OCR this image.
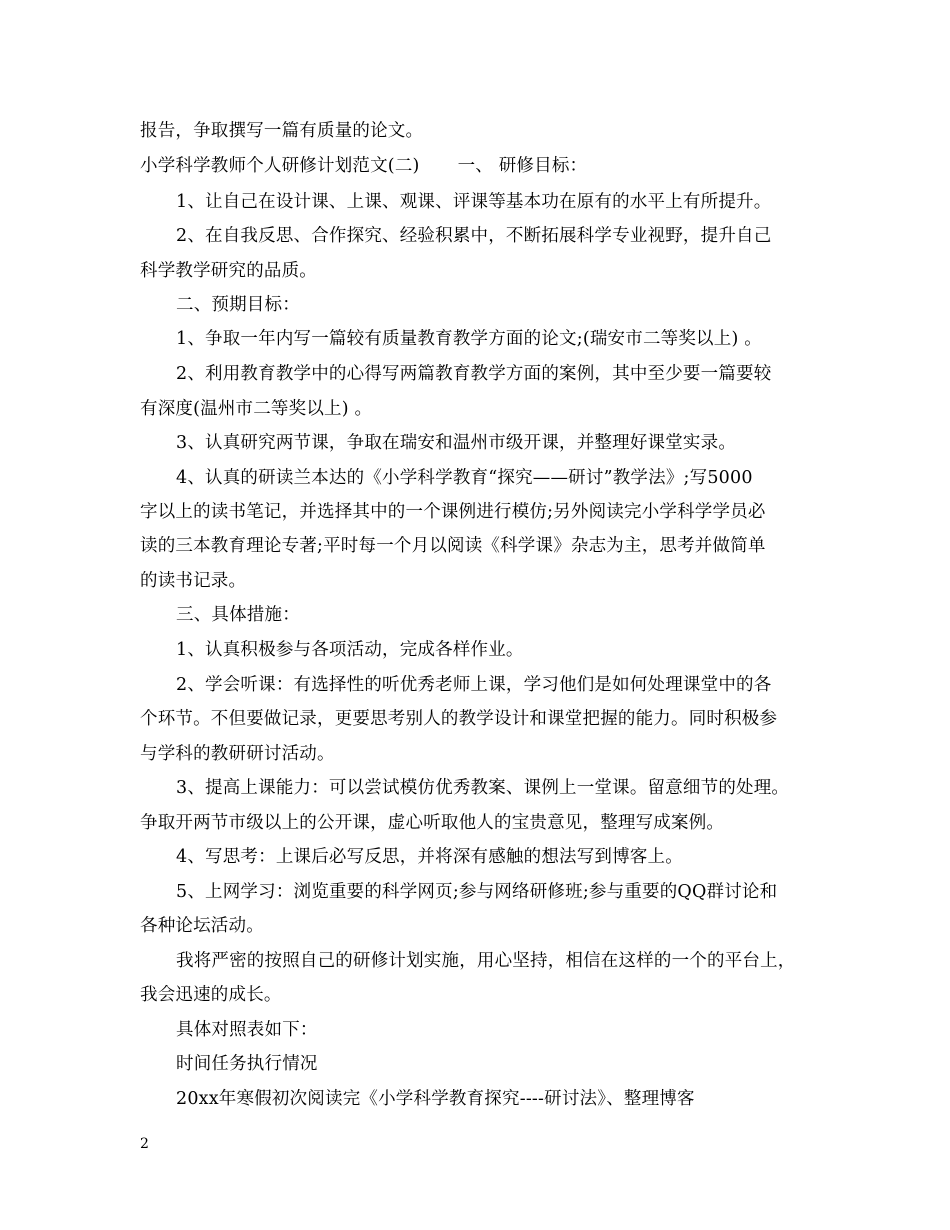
报告，争取撰写一篇有质量的论文。
小学科学教师个人研修计划范文(二) 一、 研修目标：
1、让自己在设计课、上课、观课、评课等基本功在原有的水平上有所提升。
2、在自我反思、合作探究、经验积累中，不断拓展科学专业视野，提升自己
科学教学研究的品质。
二、预期目标：
1、争取一年内写一篇较有质量教育教学方面的论文;(瑞安市二等奖以上) 。
2、利用教育教学中的心得写两篇教育教学方面的案例，其中至少要一篇要较
有深度(温州市二等奖以上) 。
3、认真研究两节课，争取在瑞安和温州市级开课，并整理好课堂实录。
4、认真的研读兰本达的《小学科学教育“探究——研讨”教学法》;写5000
字以上的读书笔记，并选择其中的一个课例进行模仿;另外阅读完小学科学学员必
读的三本教育理论专著;平时每一个月以阅读《科学课》杂志为主，思考并做简单
的读书记录。
三、具体措施：
1、认真积极参与各项活动，完成各样作业。
2、学会听课：有选择性的听优秀老师上课，学习他们是如何处理课堂中的各
个环节。不但要做记录，更要思考别人的教学设计和课堂把握的能力。同时积极参
与学科的教研研讨活动。
3、提高上课能力：可以尝试模仿优秀教案、课例上一堂课。留意细节的处理。
争取开两节市级以上的公开课，虚心听取他人的宝贵意见，整理写成案例。
4、写思考：上课后必写反思，并将深有感触的想法写到博客上。
5、上网学习：浏览重要的科学网页;参与网络研修班;参与重要的QQ群讨论和
各种论坛活动。
我将严密的按照自己的研修计划实施，用心坚持，相信在这样的一个的平台上，
我会迅速的成长。
具体对照表如下：
时间任务执行情况
20xx年寒假初次阅读完《小学科学教育探究----研讨法》、整理博客
2
